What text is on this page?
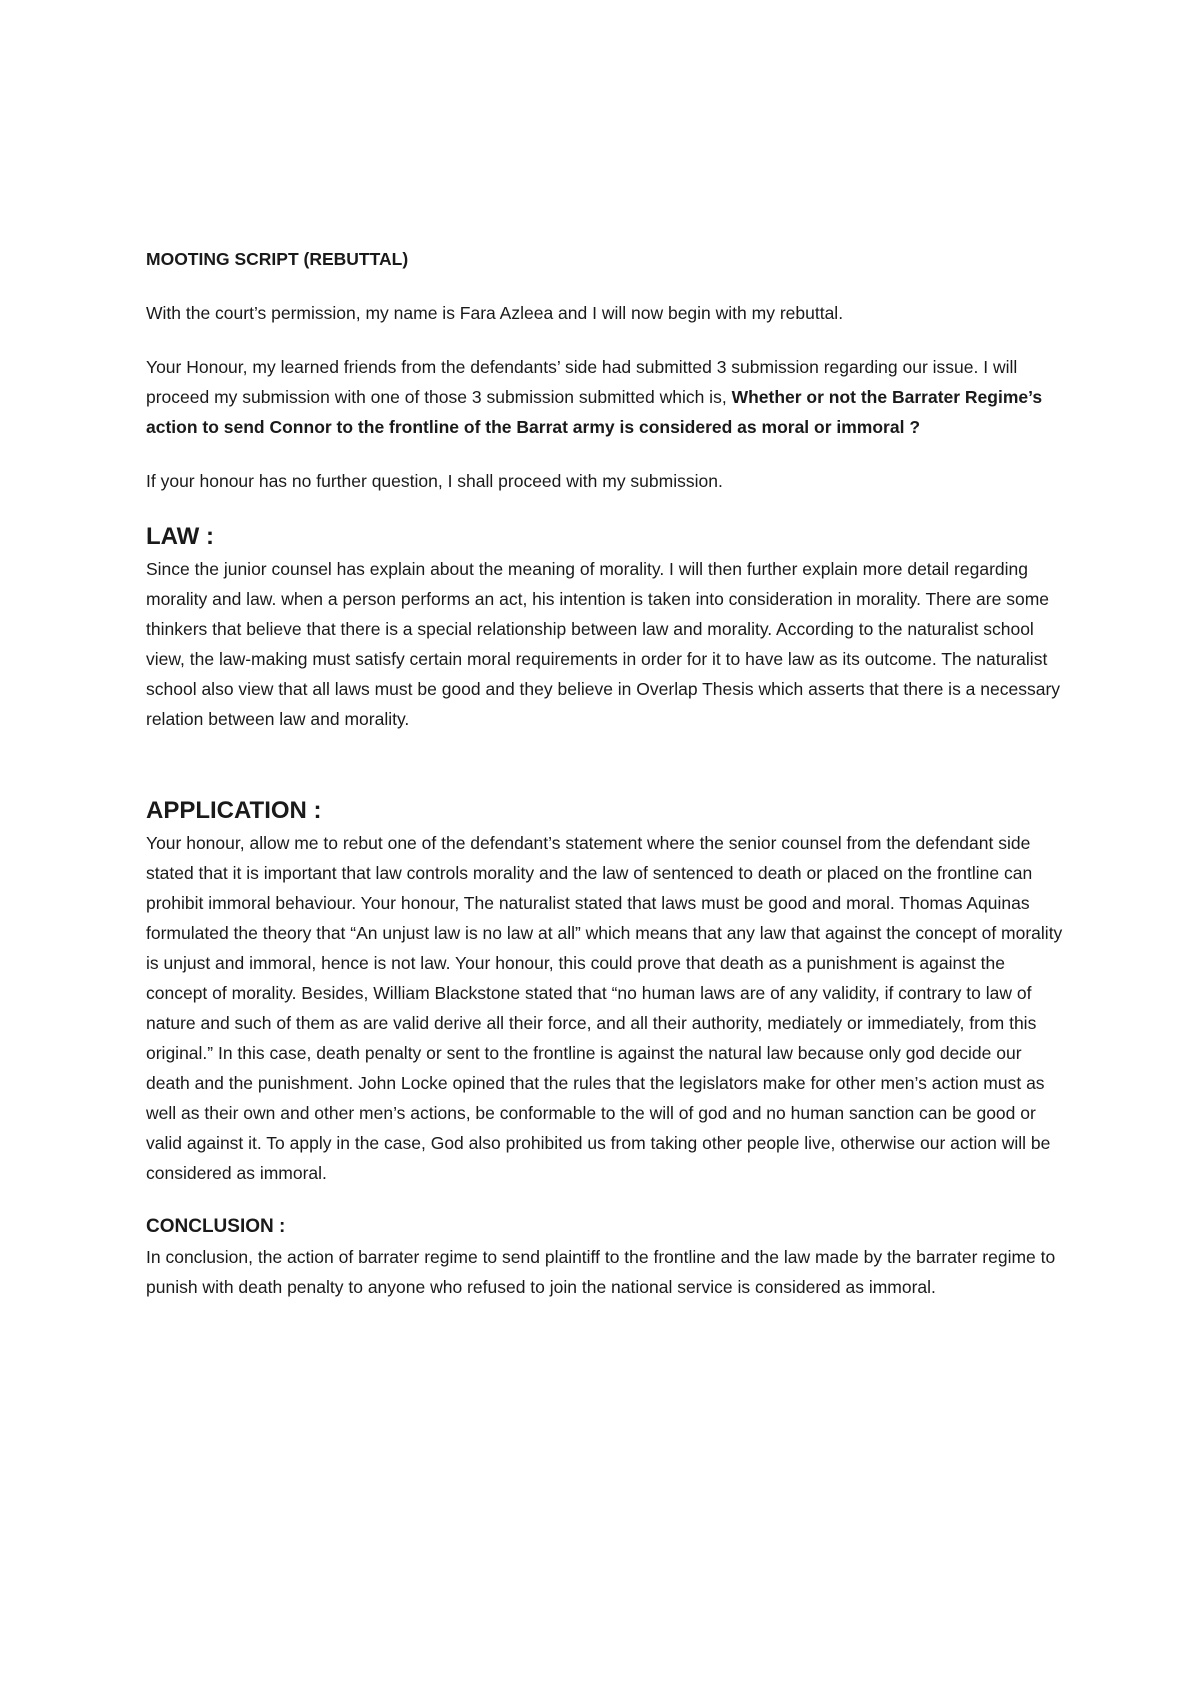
MOOTING SCRIPT (REBUTTAL)

With the court’s permission, my name is Fara Azleea and I will now begin with my rebuttal.

Your Honour, my learned friends from the defendants’ side had submitted 3 submission regarding our issue. I will proceed my submission with one of those 3 submission submitted which is, Whether or not the Barrater Regime’s action to send Connor to the frontline of the Barrat army is considered as moral or immoral ?

If your honour has no further question, I shall proceed with my submission.

LAW :

Since the junior counsel has explain about the meaning of morality. I will then further explain more detail regarding morality and law. when a person performs an act, his intention is taken into consideration in morality. There are some thinkers that believe that there is a special relationship between law and morality. According to the naturalist school view, the law-making must satisfy certain moral requirements in order for it to have law as its outcome. The naturalist school also view that all laws must be good and they believe in Overlap Thesis which asserts that there is a necessary relation between law and morality.

APPLICATION :

Your honour, allow me to rebut one of the defendant’s statement where the senior counsel from the defendant side stated that it is important that law controls morality and the law of sentenced to death or placed on the frontline can prohibit immoral behaviour. Your honour, The naturalist stated that laws must be good and moral. Thomas Aquinas formulated the theory that “An unjust law is no law at all” which means that any law that against the concept of morality is unjust and immoral, hence is not law. Your honour, this could prove that death as a punishment is against the concept of morality. Besides, William Blackstone stated that “no human laws are of any validity, if contrary to law of nature and such of them as are valid derive all their force, and all their authority, mediately or immediately, from this original.” In this case, death penalty or sent to the frontline is against the natural law because only god decide our death and the punishment. John Locke opined that the rules that the legislators make for other men’s action must as well as their own and other men’s actions, be conformable to the will of god and no human sanction can be good or valid against it. To apply in the case, God also prohibited us from taking other people live, otherwise our action will be considered as immoral.

CONCLUSION :

In conclusion, the action of barrater regime to send plaintiff to the frontline and the law made by the barrater regime to punish with death penalty to anyone who refused to join the national service is considered as immoral.
